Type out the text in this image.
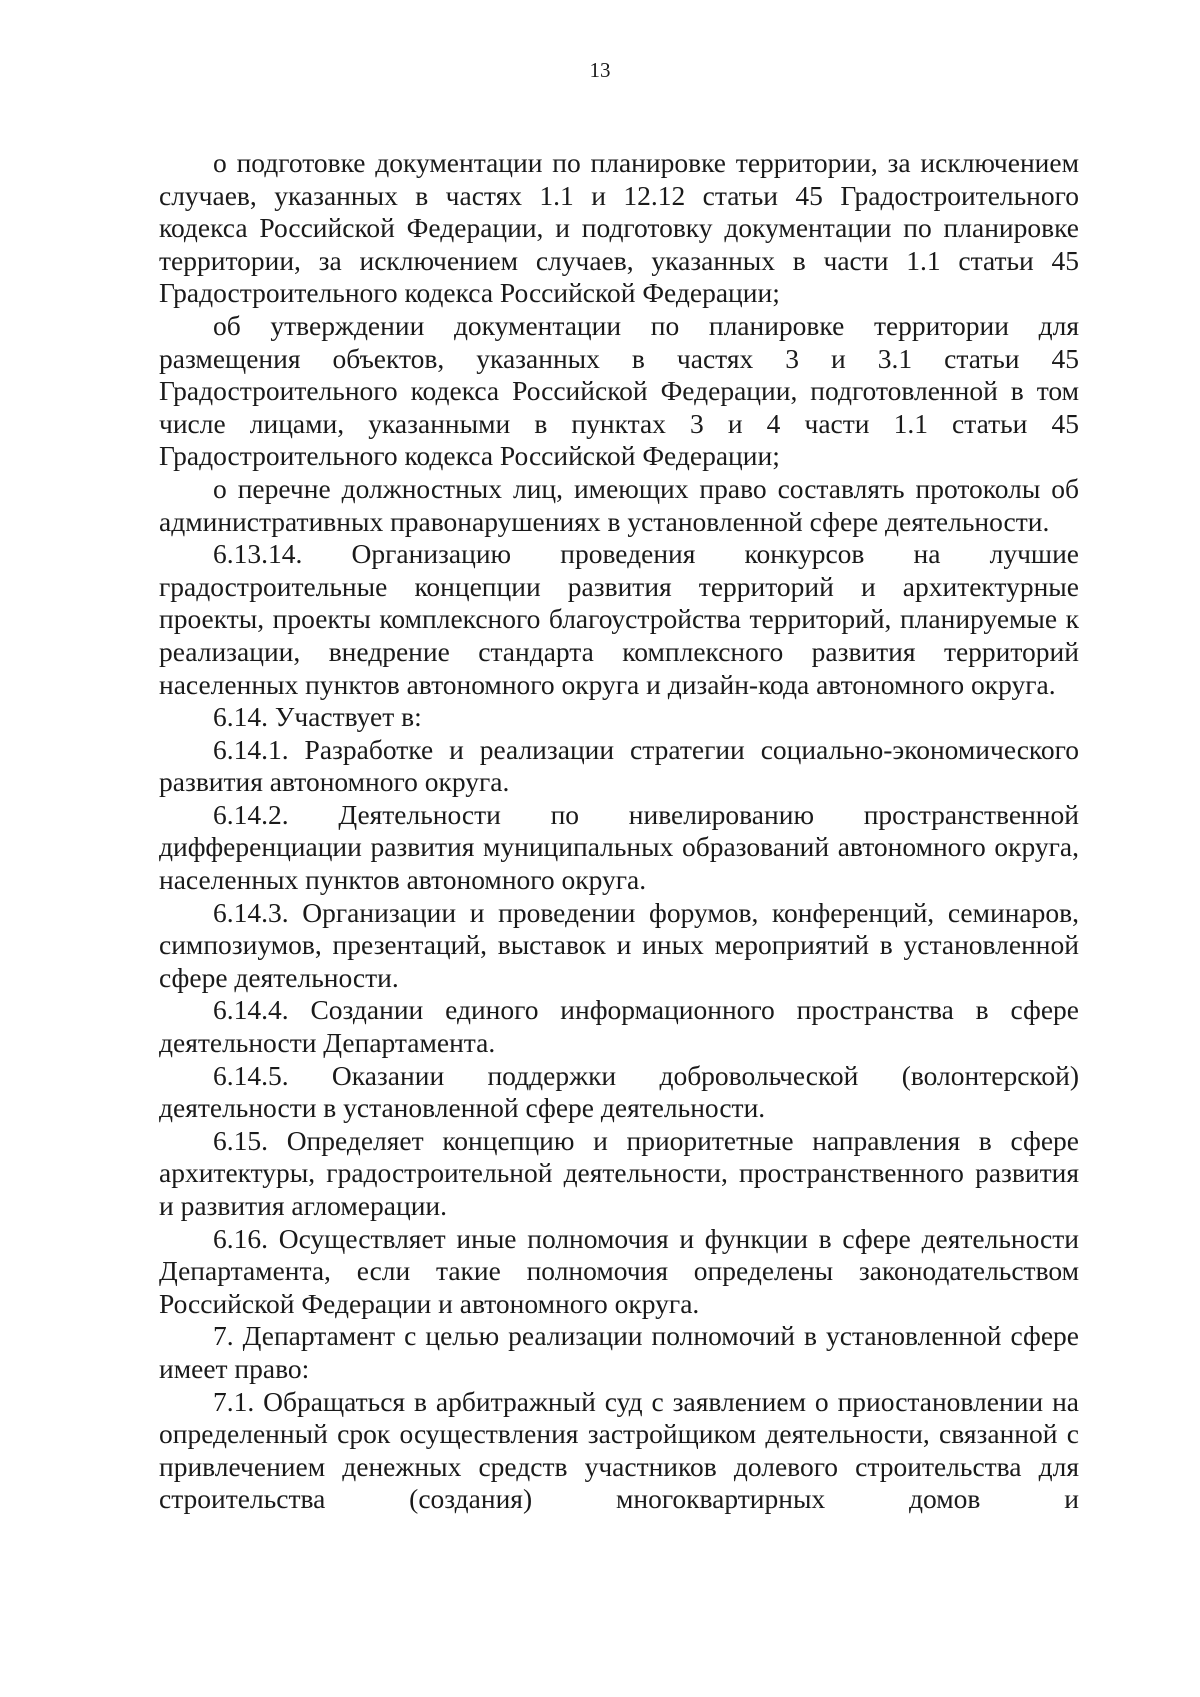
13

о подготовке документации по планировке территории, за исключением случаев, указанных в частях 1.1 и 12.12 статьи 45 Градостроительного кодекса Российской Федерации, и подготовку документации по планировке территории, за исключением случаев, указанных в части 1.1 статьи 45 Градостроительного кодекса Российской Федерации;

об утверждении документации по планировке территории для размещения объектов, указанных в частях 3 и 3.1 статьи 45 Градостроительного кодекса Российской Федерации, подготовленной в том числе лицами, указанными в пунктах 3 и 4 части 1.1 статьи 45 Градостроительного кодекса Российской Федерации;

о перечне должностных лиц, имеющих право составлять протоколы об административных правонарушениях в установленной сфере деятельности.

6.13.14. Организацию проведения конкурсов на лучшие градостроительные концепции развития территорий и архитектурные проекты, проекты комплексного благоустройства территорий, планируемые к реализации, внедрение стандарта комплексного развития территорий населенных пунктов автономного округа и дизайн-кода автономного округа.

6.14. Участвует в:

6.14.1. Разработке и реализации стратегии социально-экономического развития автономного округа.

6.14.2. Деятельности по нивелированию пространственной дифференциации развития муниципальных образований автономного округа, населенных пунктов автономного округа.

6.14.3. Организации и проведении форумов, конференций, семинаров, симпозиумов, презентаций, выставок и иных мероприятий в установленной сфере деятельности.

6.14.4. Создании единого информационного пространства в сфере деятельности Департамента.

6.14.5. Оказании поддержки добровольческой (волонтерской) деятельности в установленной сфере деятельности.

6.15. Определяет концепцию и приоритетные направления в сфере архитектуры, градостроительной деятельности, пространственного развития и развития агломерации.

6.16. Осуществляет иные полномочия и функции в сфере деятельности Департамента, если такие полномочия определены законодательством Российской Федерации и автономного округа.

7. Департамент с целью реализации полномочий в установленной сфере имеет право:

7.1. Обращаться в арбитражный суд с заявлением о приостановлении на определенный срок осуществления застройщиком деятельности, связанной с привлечением денежных средств участников долевого строительства для строительства (создания) многоквартирных домов и
